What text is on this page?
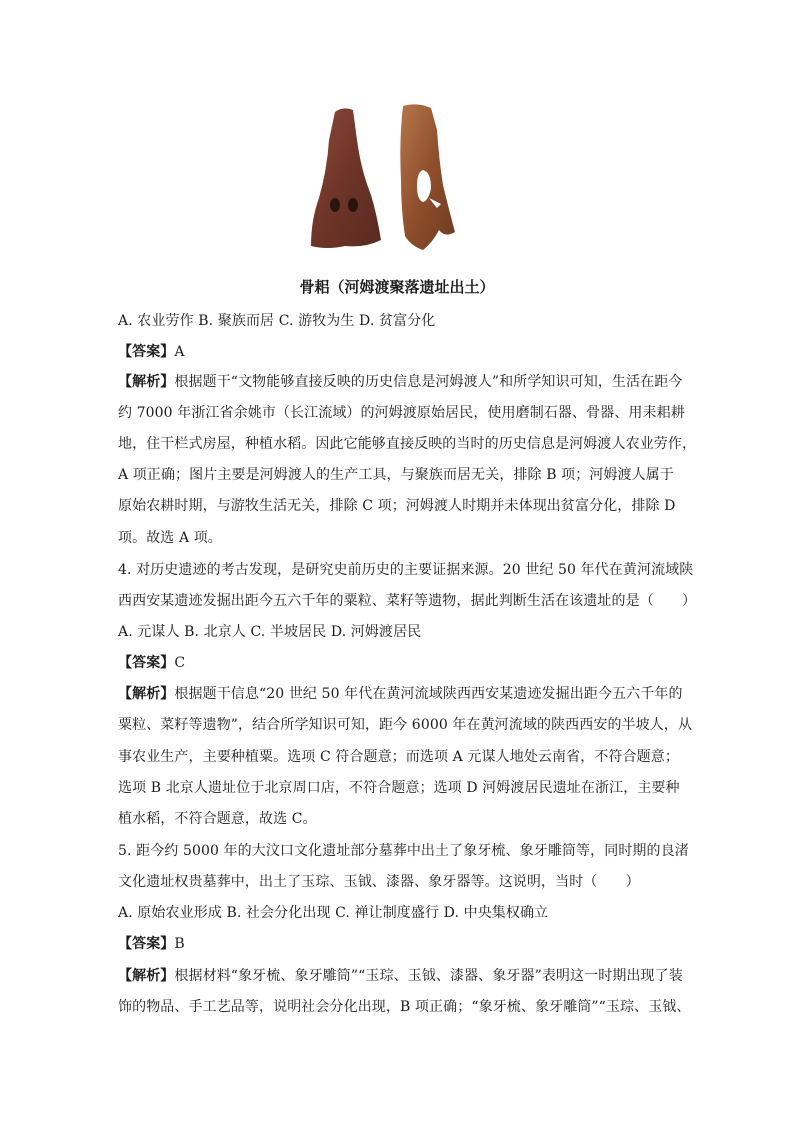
骨耜（河姆渡聚落遗址出土）
A. 农业劳作 B. 聚族而居 C. 游牧为生 D. 贫富分化
【答案】A
【解析】根据题干“文物能够直接反映的历史信息是河姆渡人”和所学知识可知，生活在距今
约 7000 年浙江省余姚市（长江流域）的河姆渡原始居民，使用磨制石器、骨器、用耒耜耕
地，住干栏式房屋，种植水稻。因此它能够直接反映的当时的历史信息是河姆渡人农业劳作，
A 项正确；图片主要是河姆渡人的生产工具，与聚族而居无关，排除 B 项；河姆渡人属于
原始农耕时期，与游牧生活无关，排除 C 项；河姆渡人时期并未体现出贫富分化，排除 D
项。故选 A 项。
4. 对历史遗迹的考古发现，是研究史前历史的主要证据来源。20 世纪 50 年代在黄河流域陕
西西安某遗迹发掘出距今五六千年的粟粒、菜籽等遗物，据此判断生活在该遗址的是（　　）
A. 元谋人 B. 北京人 C. 半坡居民 D. 河姆渡居民
【答案】C
【解析】根据题干信息“20 世纪 50 年代在黄河流域陕西西安某遗迹发掘出距今五六千年的
粟粒、菜籽等遗物”，结合所学知识可知，距今 6000 年在黄河流域的陕西西安的半坡人，从
事农业生产，主要种植粟。选项 C 符合题意；而选项 A 元谋人地处云南省，不符合题意；
选项 B 北京人遗址位于北京周口店，不符合题意；选项 D 河姆渡居民遗址在浙江，主要种
植水稻，不符合题意，故选 C。
5. 距今约 5000 年的大汶口文化遗址部分墓葬中出土了象牙梳、象牙雕筒等，同时期的良渚
文化遗址权贵墓葬中，出土了玉琮、玉钺、漆器、象牙器等。这说明，当时（　　）
A. 原始农业形成 B. 社会分化出现 C. 禅让制度盛行 D. 中央集权确立
【答案】B
【解析】根据材料“象牙梳、象牙雕筒”“玉琮、玉钺、漆器、象牙器”表明这一时期出现了装
饰的物品、手工艺品等，说明社会分化出现，B 项正确；“象牙梳、象牙雕筒”“玉琮、玉钺、
